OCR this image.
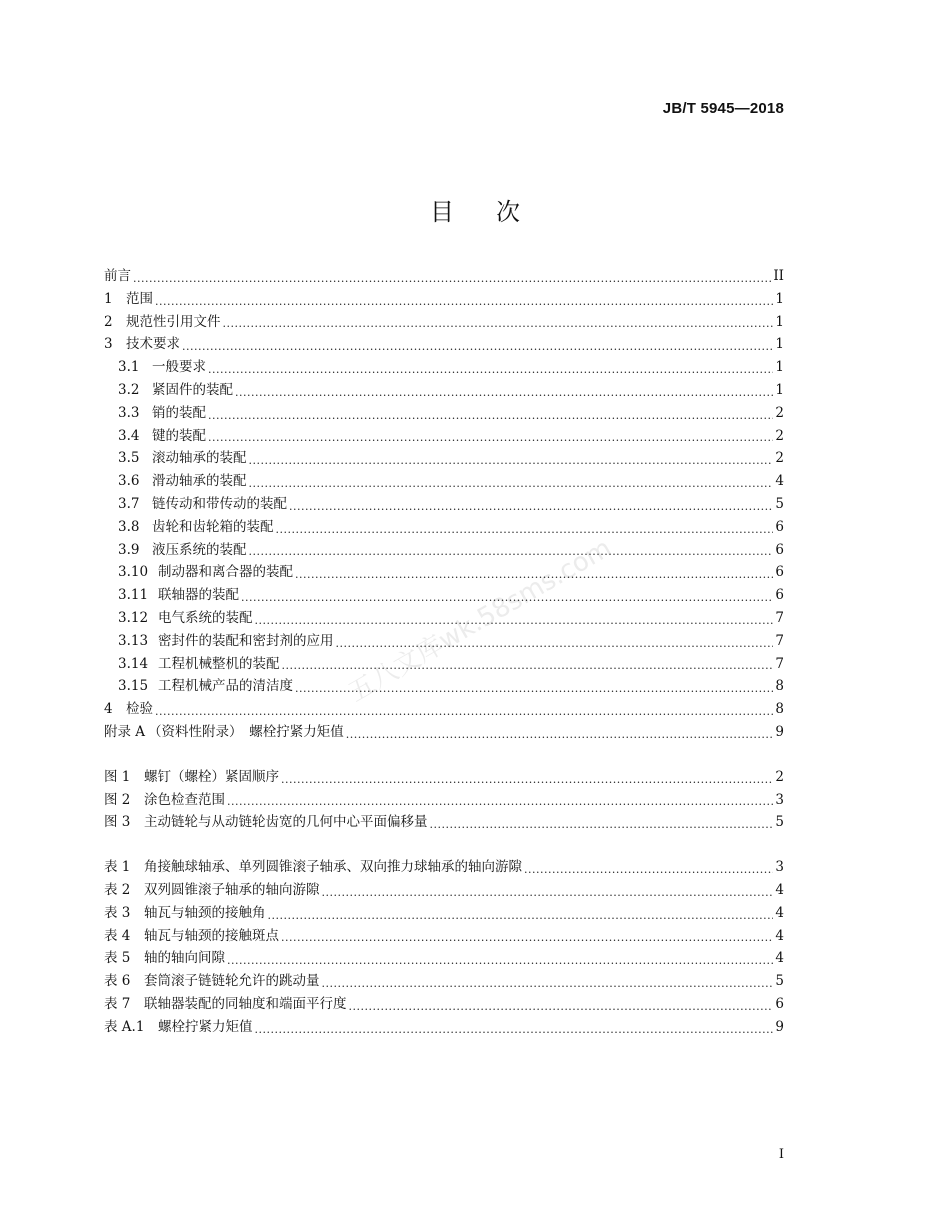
JB/T 5945—2018
目 次
五八文库wk.58sms.com
前言 .....	II
1 范围 .....	1
2 规范性引用文件 .....	1
3 技术要求 .....	1
3.1 一般要求 .....	1
3.2 紧固件的装配 .....	1
3.3 销的装配 .....	2
3.4 键的装配 .....	2
3.5 滚动轴承的装配 .....	2
3.6 滑动轴承的装配 .....	4
3.7 链传动和带传动的装配 .....	5
3.8 齿轮和齿轮箱的装配 .....	6
3.9 液压系统的装配 .....	6
3.10 制动器和离合器的装配 .....	6
3.11 联轴器的装配 .....	6
3.12 电气系统的装配 .....	7
3.13 密封件的装配和密封剂的应用 .....	7
3.14 工程机械整机的装配 .....	7
3.15 工程机械产品的清洁度 .....	8
4 检验 .....	8
附录 A （资料性附录）　螺栓拧紧力矩值 .....	9
图 1	螺钉（螺栓）紧固顺序 .....	2
图 2	涂色检查范围 .....	3
图 3	主动链轮与从动链轮齿宽的几何中心平面偏移量 .....	5
表 1	角接触球轴承、单列圆锥滚子轴承、双向推力球轴承的轴向游隙 .....	3
表 2	双列圆锥滚子轴承的轴向游隙 .....	4
表 3	轴瓦与轴颈的接触角 .....	4
表 4	轴瓦与轴颈的接触斑点 .....	4
表 5	轴的轴向间隙 .....	4
表 6	套筒滚子链链轮允许的跳动量 .....	5
表 7	联轴器装配的同轴度和端面平行度 .....	6
表 A.1	螺栓拧紧力矩值 .....	9
I
